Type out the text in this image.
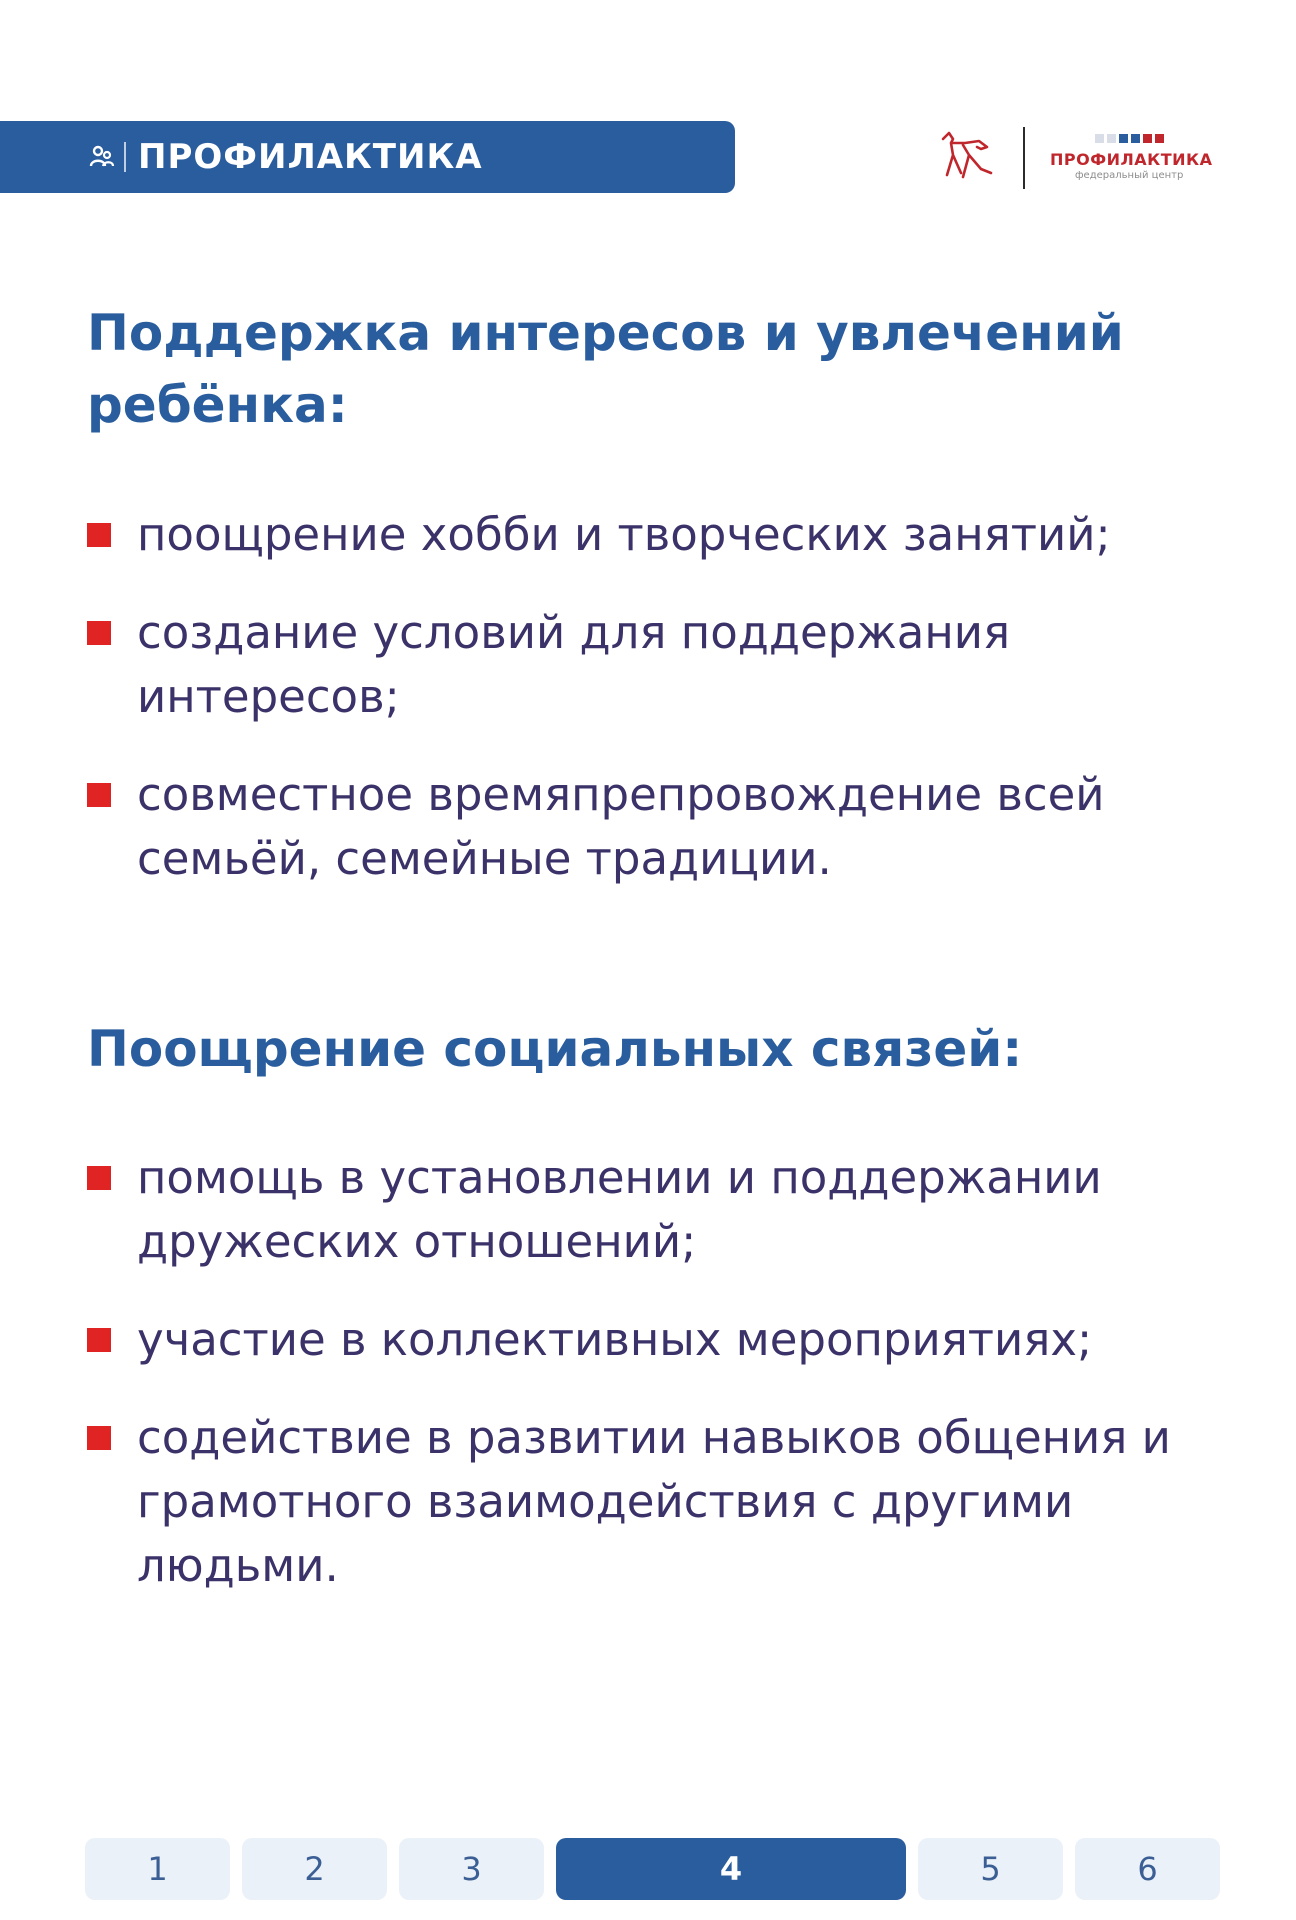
ПРОФИЛАКТИКА	ПРОФИЛАКТИКА
федеральный центр
Поддержка интересов и увлечений ребёнка:
поощрение хобби и творческих занятий;
создание условий для поддержания интересов;
совместное времяпрепровождение всей семьёй, семейные традиции.
Поощрение социальных связей:
помощь в установлении и поддержании дружеских отношений;
участие в коллективных мероприятиях;
содействие в развитии навыков общения и грамотного взаимодействия с другими людьми.
1	2	3	4	5	6
